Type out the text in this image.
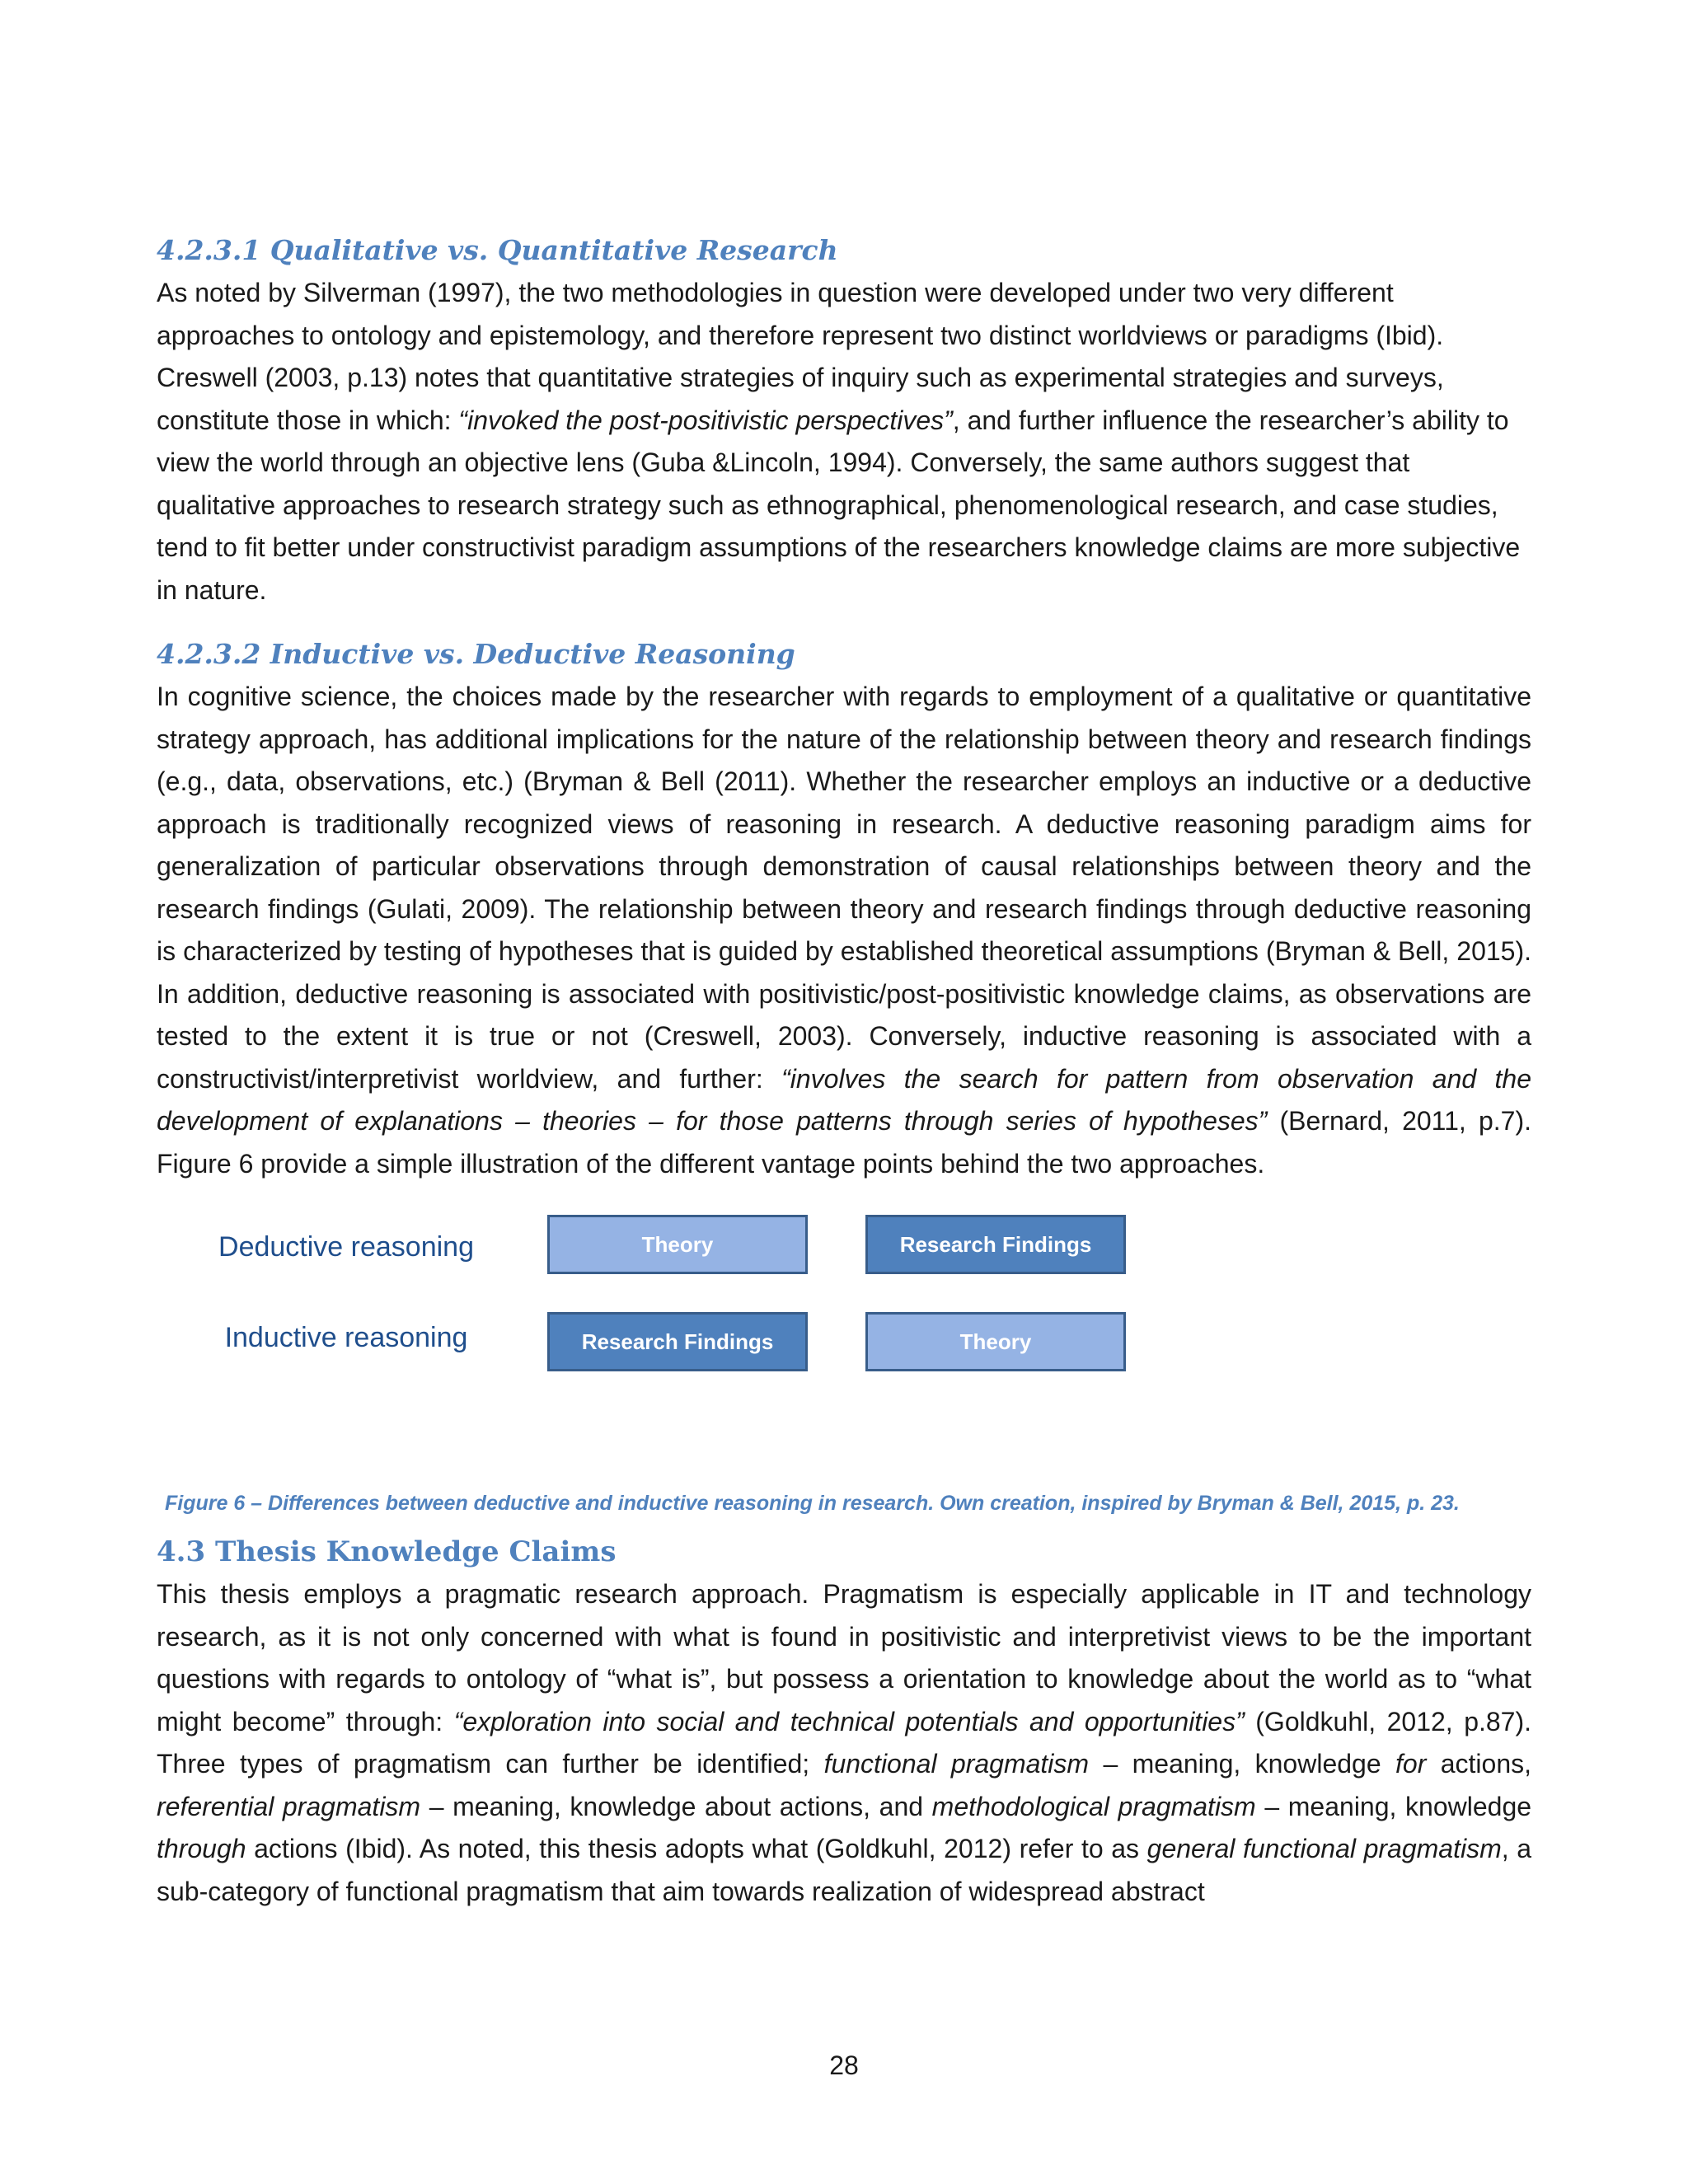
4.2.3.1 Qualitative vs. Quantitative Research

As noted by Silverman (1997), the two methodologies in question were developed under two very different approaches to ontology and epistemology, and therefore represent two distinct worldviews or paradigms (Ibid). Creswell (2003, p.13) notes that quantitative strategies of inquiry such as experimental strategies and surveys, constitute those in which: “invoked the post-positivistic perspectives”, and further influence the researcher’s ability to view the world through an objective lens (Guba &Lincoln, 1994). Conversely, the same authors suggest that qualitative approaches to research strategy such as ethnographical, phenomenological research, and case studies, tend to fit better under constructivist paradigm assumptions of the researchers knowledge claims are more subjective in nature.

4.2.3.2 Inductive vs. Deductive Reasoning

In cognitive science, the choices made by the researcher with regards to employment of a qualitative or quantitative strategy approach, has additional implications for the nature of the relationship between theory and research findings (e.g., data, observations, etc.) (Bryman & Bell (2011). Whether the researcher employs an inductive or a deductive approach is traditionally recognized views of reasoning in research. A deductive reasoning paradigm aims for generalization of particular observations through demonstration of causal relationships between theory and the research findings (Gulati, 2009). The relationship between theory and research findings through deductive reasoning is characterized by testing of hypotheses that is guided by established theoretical assumptions (Bryman & Bell, 2015). In addition, deductive reasoning is associated with positivistic/post-positivistic knowledge claims, as observations are tested to the extent it is true or not (Creswell, 2003). Conversely, inductive reasoning is associated with a constructivist/interpretivist worldview, and further: “involves the search for pattern from observation and the development of explanations – theories – for those patterns through series of hypotheses” (Bernard, 2011, p.7). Figure 6 provide a simple illustration of the different vantage points behind the two approaches.

Deductive reasoning	Theory	Research Findings
Inductive reasoning	Research Findings	Theory
Figure 6 – Differences between deductive and inductive reasoning in research. Own creation, inspired by Bryman & Bell, 2015, p. 23.
4.3 Thesis Knowledge Claims

This thesis employs a pragmatic research approach. Pragmatism is especially applicable in IT and technology research, as it is not only concerned with what is found in positivistic and interpretivist views to be the important questions with regards to ontology of “what is”, but possess a orientation to knowledge about the world as to “what might become” through: “exploration into social and technical potentials and opportunities” (Goldkuhl, 2012, p.87). Three types of pragmatism can further be identified; functional pragmatism – meaning, knowledge for actions, referential pragmatism – meaning, knowledge about actions, and methodological pragmatism – meaning, knowledge through actions (Ibid). As noted, this thesis adopts what (Goldkuhl, 2012) refer to as general functional pragmatism, a sub-category of functional pragmatism that aim towards realization of widespread abstract

28
